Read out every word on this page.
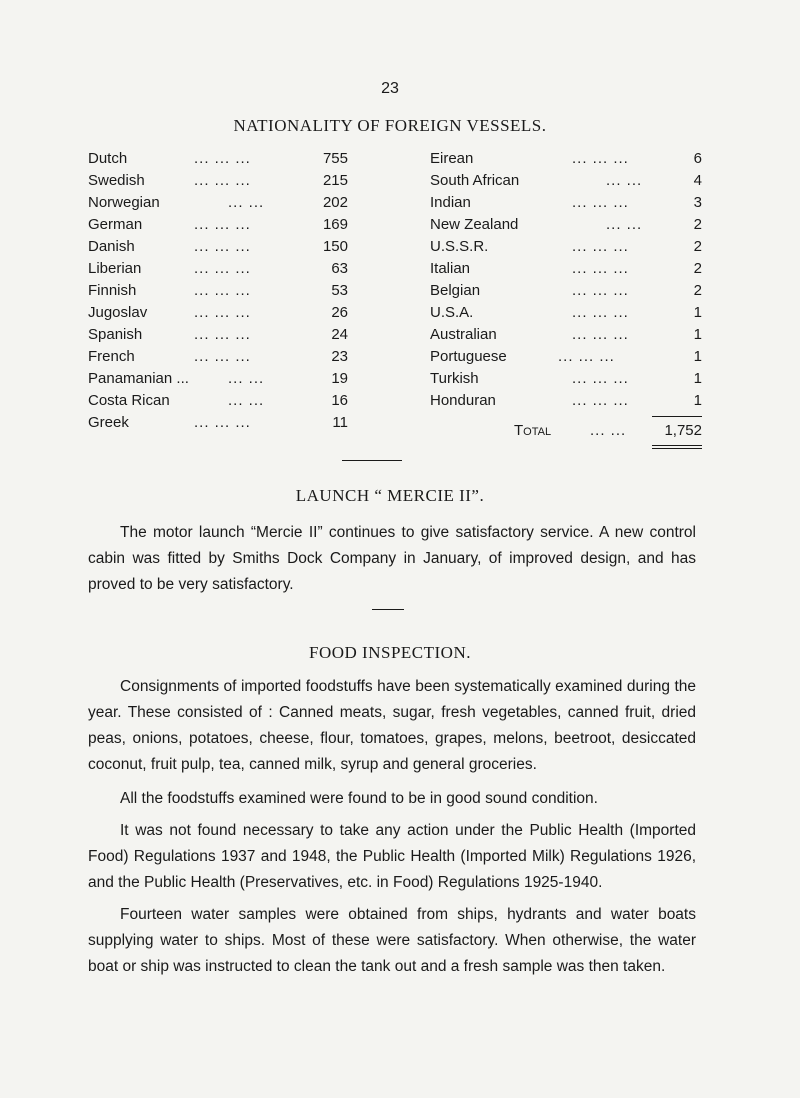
23
NATIONALITY OF FOREIGN VESSELS.
Dutch	... ... ...	755
Swedish	... ... ...	215
Norwegian	... ...	202
German	... ... ...	169
Danish	... ... ...	150
Liberian	... ... ...	63
Finnish	... ... ...	53
Jugoslav	... ... ...	26
Spanish	... ... ...	24
French	... ... ...	23
Panamanian ...	... ...	19
Costa Rican	... ...	16
Greek	... ... ...	11
Eirean	... ... ...	6
South African	... ...	4
Indian	... ... ...	3
New Zealand	... ...	2
U.S.S.R.	... ... ...	2
Italian	... ... ...	2
Belgian	... ... ...	2
U.S.A.	... ... ...	1
Australian	... ... ...	1
Portuguese	... ... ...	1
Turkish	... ... ...	1
Honduran	... ... ...	1
Total	... ...	1,752
LAUNCH “ MERCIE II”.
The motor launch “Mercie II” continues to give satisfactory service. A new control cabin was fitted by Smiths Dock Company in January, of improved design, and has proved to be very satisfactory.
FOOD INSPECTION.
Consignments of imported foodstuffs have been systematically examined during the year. These consisted of : Canned meats, sugar, fresh vegetables, canned fruit, dried peas, onions, potatoes, cheese, flour, tomatoes, grapes, melons, beetroot, desiccated coconut, fruit pulp, tea, canned milk, syrup and general groceries.
All the foodstuffs examined were found to be in good sound condition.
It was not found necessary to take any action under the Public Health (Imported Food) Regulations 1937 and 1948, the Public Health (Imported Milk) Regulations 1926, and the Public Health (Preservatives, etc. in Food) Regulations 1925-1940.
Fourteen water samples were obtained from ships, hydrants and water boats supplying water to ships. Most of these were satisfactory. When otherwise, the water boat or ship was instructed to clean the tank out and a fresh sample was then taken.
